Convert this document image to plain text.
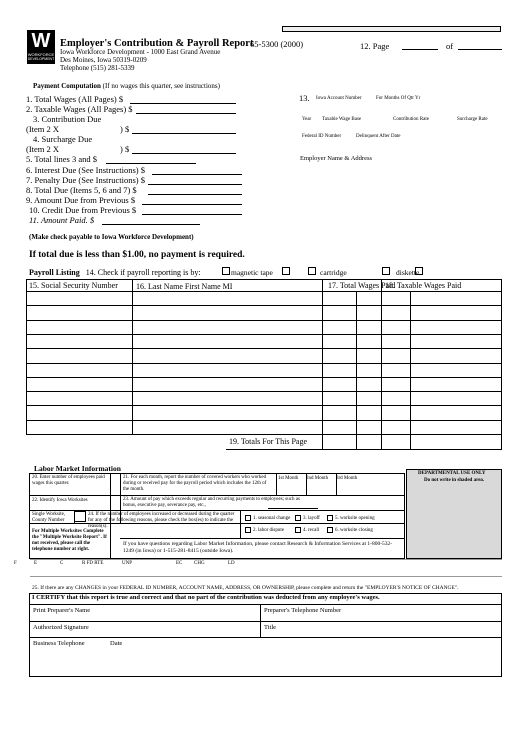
W
WORKFORCE
DEVELOPMENT
Employer's Contribution & Payroll Report
65-5300 (2000)
Iowa Workforce Development - 1000 East Grand Avenue
Des Moines, Iowa 50319-0209
Telephone (515) 281-5339
12. Page	of
Payment Computation (If no wages this quarter, see instructions)
1. Total Wages (All Pages) $
2. Taxable Wages (All Pages) $
3. Contribution Due
(Item 2 X	) $
4. Surcharge Due
(Item 2 X	) $
5. Total lines 3 and $
6. Interest Due (See Instructions) $
7. Penalty Due (See Instructions) $
8. Total Due (Items 5, 6 and 7) $
9. Amount Due from Previous $
10. Credit Due from Previous $
11. Amount Paid. $
(Make check payable to Iowa Workforce Development)
If total due is less than $1.00, no payment is required.
13. Iowa Account Number	For Months Of Qtr Yr
Year Taxable Wage Base	Contribution Rate	Surcharge Rate
Federal ID Number	Delinquent After Date
Employer Name & Address
Payroll Listing 14. Check if payroll reporting is by:	magnetic tape	cartridge	diskette
15. Social Security Number 16. Last Name First Name MI	17. Total Wages Paid
18. Taxable Wages Paid
19. Totals For This Page
Labor Market Information
20. Enter number of employees paid wages this quarter.
21. For each month, report the number of covered workers who worked during or received pay for the payroll period which includes the 12th of the month.
1st Month 2nd Month 3rd Month
22. Identify Iowa Worksites	23. Amount of pay which exceeds regular and recurring payments to employees; such as bonus, executive pay, severance pay, etc.,
Single Worksite, County Number
24. If the number of employees increased or decreased during the quarter for any of the following reasons, please check the box(es) to indicate the reason(s).
1. seasonal change	3. layoff	5. worksite opening
2. labor dispute	4. recall	6. worksite closing
For Multiple Worksites Complete the "Multiple Worksite Report". If not received, please call the telephone number at right.
If you have questions regarding Labor Market Information, please contact Research & Information Services at 1-800-532-1249 (in Iowa) or 1-515-281-8415 (outside Iowa).
DEPARTMENTAL USE ONLY
Do not write in shaded area.
F	E	C	R FD RTE	UNP	EC CHG	LD
25. If there are any CHANGES in your FEDERAL ID NUMBER, ACCOUNT NAME, ADDRESS, OR OWNERSHIP, please complete and return the "EMPLOYER'S NOTICE OF CHANGE".
I CERTIFY that this report is true and correct and that no part of the contribution was deducted from any employee's wages.
Print Preparer's Name	Preparer's Telephone Number
Authorized Signature	Title
Business Telephone	Date
